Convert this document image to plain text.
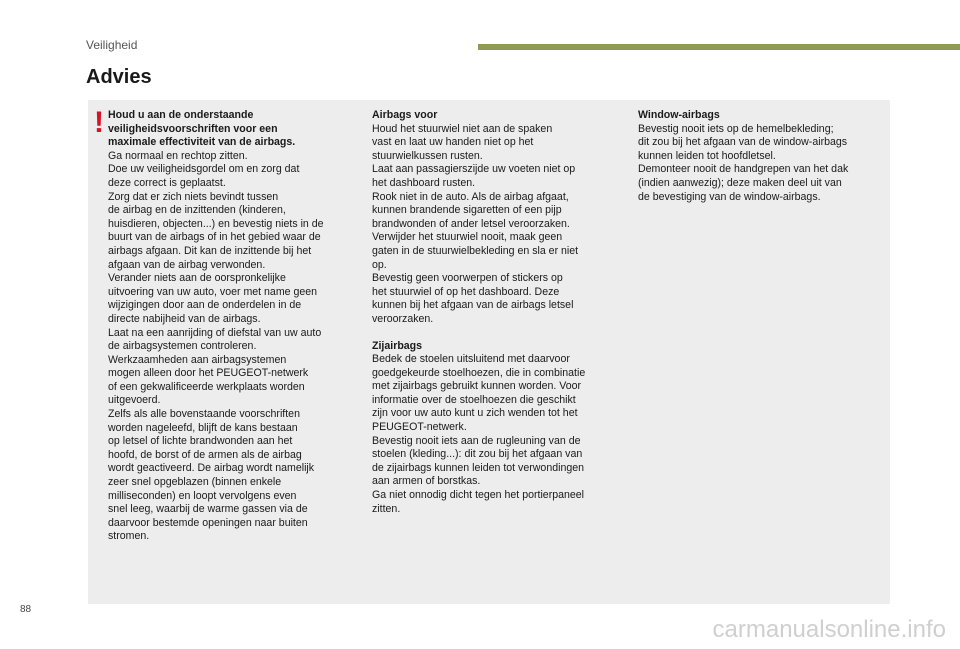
Veiligheid
Advies
! Houd u aan de onderstaande
veiligheidsvoorschriften voor een
maximale effectiviteit van de airbags.
Ga normaal en rechtop zitten.
Doe uw veiligheidsgordel om en zorg dat
deze correct is geplaatst.
Zorg dat er zich niets bevindt tussen
de airbag en de inzittenden (kinderen,
huisdieren, objecten...) en bevestig niets in de
buurt van de airbags of in het gebied waar de
airbags afgaan. Dit kan de inzittende bij het
afgaan van de airbag verwonden.
Verander niets aan de oorspronkelijke
uitvoering van uw auto, voer met name geen
wijzigingen door aan de onderdelen in de
directe nabijheid van de airbags.
Laat na een aanrijding of diefstal van uw auto
de airbagsystemen controleren.
Werkzaamheden aan airbagsystemen
mogen alleen door het PEUGEOT-netwerk
of een gekwalificeerde werkplaats worden
uitgevoerd.
Zelfs als alle bovenstaande voorschriften
worden nageleefd, blijft de kans bestaan
op letsel of lichte brandwonden aan het
hoofd, de borst of de armen als de airbag
wordt geactiveerd. De airbag wordt namelijk
zeer snel opgeblazen (binnen enkele
milliseconden) en loopt vervolgens even
snel leeg, waarbij de warme gassen via de
daarvoor bestemde openingen naar buiten
stromen.
Airbags voor
Houd het stuurwiel niet aan de spaken
vast en laat uw handen niet op het
stuurwielkussen rusten.
Laat aan passagierszijde uw voeten niet op
het dashboard rusten.
Rook niet in de auto. Als de airbag afgaat,
kunnen brandende sigaretten of een pijp
brandwonden of ander letsel veroorzaken.
Verwijder het stuurwiel nooit, maak geen
gaten in de stuurwielbekleding en sla er niet
op.
Bevestig geen voorwerpen of stickers op
het stuurwiel of op het dashboard. Deze
kunnen bij het afgaan van de airbags letsel
veroorzaken.
Zijairbags
Bedek de stoelen uitsluitend met daarvoor
goedgekeurde stoelhoezen, die in combinatie
met zijairbags gebruikt kunnen worden. Voor
informatie over de stoelhoezen die geschikt
zijn voor uw auto kunt u zich wenden tot het
PEUGEOT-netwerk.
Bevestig nooit iets aan de rugleuning van de
stoelen (kleding...): dit zou bij het afgaan van
de zijairbags kunnen leiden tot verwondingen
aan armen of borstkas.
Ga niet onnodig dicht tegen het portierpaneel
zitten.
Window-airbags
Bevestig nooit iets op de hemelbekleding;
dit zou bij het afgaan van de window-airbags
kunnen leiden tot hoofdletsel.
Demonteer nooit de handgrepen van het dak
(indien aanwezig); deze maken deel uit van
de bevestiging van de window-airbags.
88
carmanualsonline.info
